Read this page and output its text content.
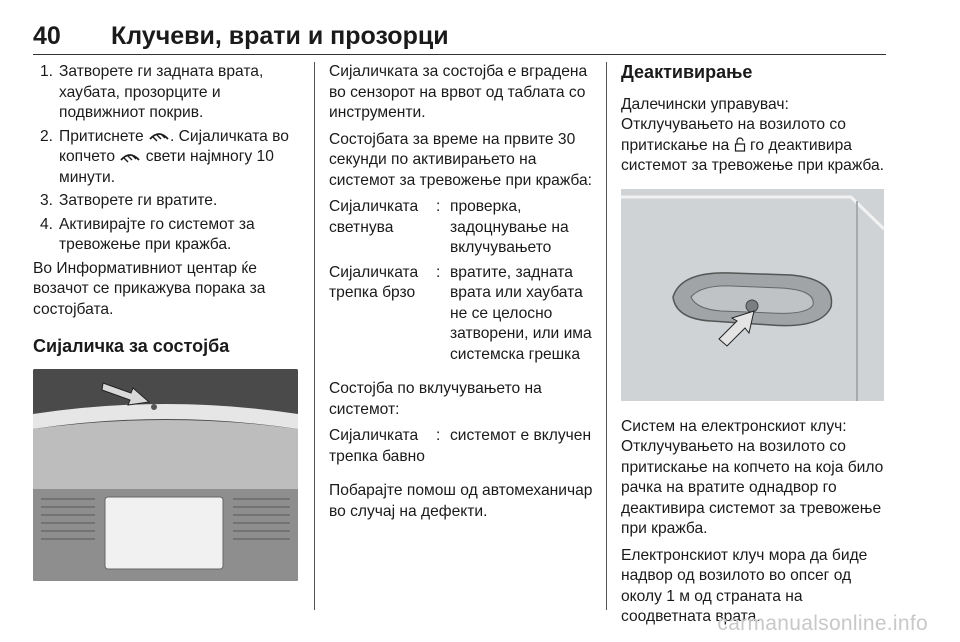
40 Клучеви, врати и прозорци
1. Затворете ги задната врата, хаубата, прозорците и подвижниот покрив.
2. Притиснете . Сијаличката во копчето свети најмногу 10 минути.
3. Затворете ги вратите.
4. Активирајте го системот за тревожење при кражба.

Во Информативниот центар ќе возачот се прикажува порака за состојбата.

Сијаличка за состојба

Сијаличката за состојба е вградена во сензорот на врвот од таблата со инструменти.

Состојбата за време на првите 30 секунди по активирањето на системот за тревожење при кражба:

Сијаличката светнува
: проверка, задоцнување на вклучувањето
Сијаличката трепка брзо
: вратите, задната врата или хаубата не се целосно затворени, или има системска грешка

Состојба по вклучувањето на системот:

Сијаличката трепка бавно
: системот е вклучен

Побарајте помош од автомеханичар во случај на дефекти.

Деактивирање

Далечински управувач: Отклучувањето на возилото со притискање на го деактивира системот за тревожење при кражба.

Систем на електронскиот клуч: Отклучувањето на возилото со притискање на копчето на која било рачка на вратите однадвор го деактивира системот за тревожење при кражба.

Електронскиот клуч мора да биде надвор од возилото во опсег од околу 1 м од страната на соодветната врата.

carmanualsonline.info
